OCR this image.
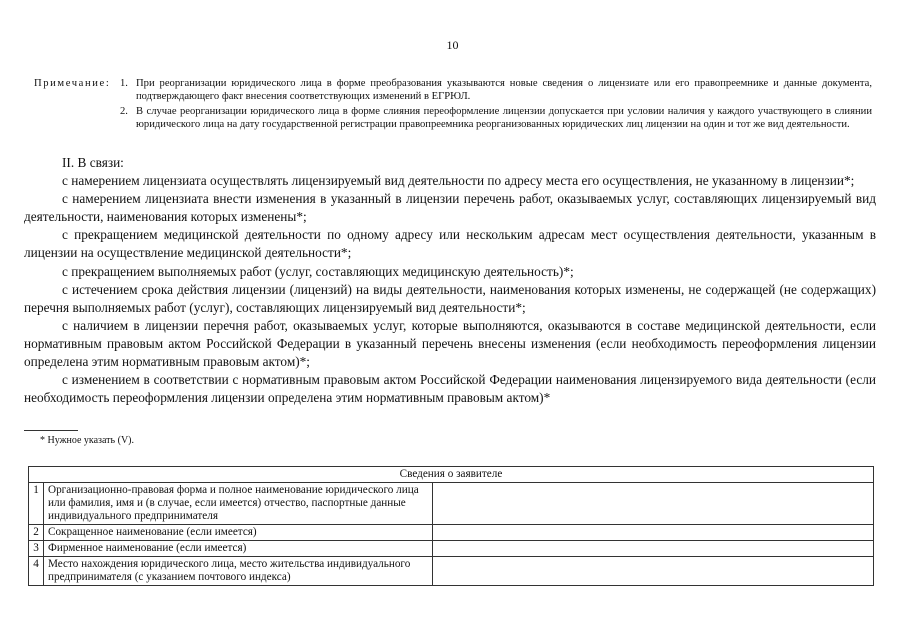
10
Примечание: 1. При реорганизации юридического лица в форме преобразования указываются новые сведения о лицензиате или его правопреемнике и данные документа, подтверждающего факт внесения соответствующих изменений в ЕГРЮЛ.
2. В случае реорганизации юридического лица в форме слияния переоформление лицензии допускается при условии наличия у каждого участвующего в слиянии юридического лица на дату государственной регистрации правопреемника реорганизованных юридических лиц лицензии на один и тот же вид деятельности.

II. В связи:

с намерением лицензиата осуществлять лицензируемый вид деятельности по адресу места его осуществления, не указанному в лицензии*;

с намерением лицензиата внести изменения в указанный в лицензии перечень работ, оказываемых услуг, составляющих лицензируемый вид деятельности, наименования которых изменены*;

с прекращением медицинской деятельности по одному адресу или нескольким адресам мест осуществления деятельности, указанным в лицензии на осуществление медицинской деятельности*;

с прекращением выполняемых работ (услуг, составляющих медицинскую деятельность)*;

с истечением срока действия лицензии (лицензий) на виды деятельности, наименования которых изменены, не содержащей (не содержащих) перечня выполняемых работ (услуг), составляющих лицензируемый вид деятельности*;

с наличием в лицензии перечня работ, оказываемых услуг, которые выполняются, оказываются в составе медицинской деятельности, если нормативным правовым актом Российской Федерации в указанный перечень внесены изменения (если необходимость переоформления лицензии определена этим нормативным правовым актом)*;

с изменением в соответствии с нормативным правовым актом Российской Федерации наименования лицензируемого вида деятельности (если необходимость переоформления лицензии определена этим нормативным правовым актом)*

* Нужное указать (V).
Сведения о заявителе		
1	Организационно-правовая форма и полное наименование юридического лица или фамилия, имя и (в случае, если имеется) отчество, паспортные данные индивидуального предпринимателя	
2	Сокращенное наименование (если имеется)	
3	Фирменное наименование (если имеется)	
4	Место нахождения юридического лица, место жительства индивидуального предпринимателя (с указанием почтового индекса)	
